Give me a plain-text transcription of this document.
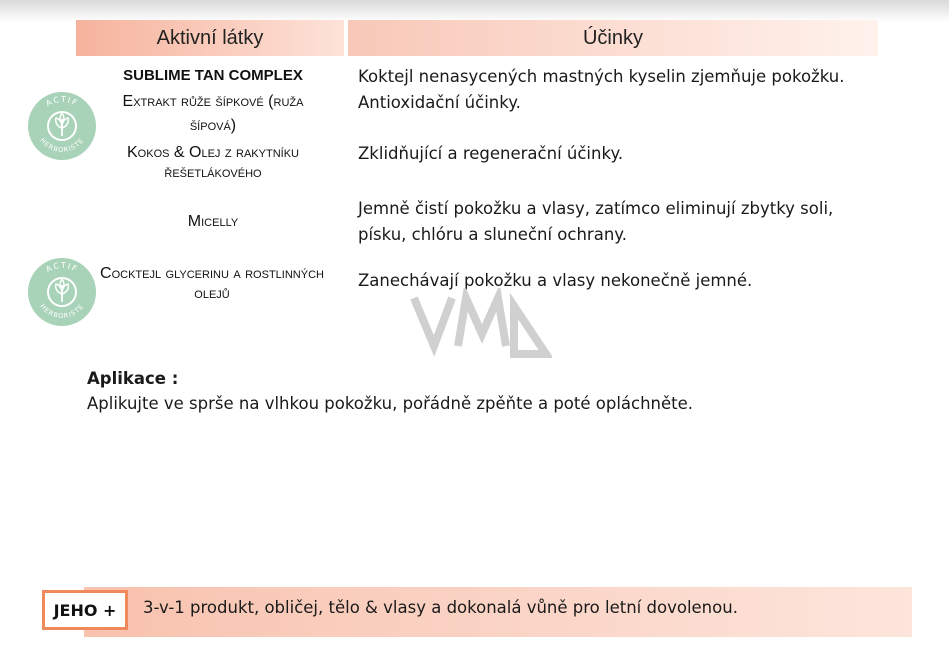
Aktivní látky	Účinky
ACTIF
HERBORISTE
ACTIF
HERBORISTE
SUBLIME TAN COMPLEX
Extrakt růže šípkové (ruža
šípová)
Kokos & Olej z rakytníku
řešetlákového
Micelly
Cocktejl glycerinu a rostlinných
olejů
Koktejl nenasycených mastných kyselin zjemňuje pokožku.
Antioxidační účinky.
Zklidňující a regenerační účinky.
Jemně čistí pokožku a vlasy, zatímco eliminují zbytky soli,
písku, chlóru a sluneční ochrany.
Zanechávají pokožku a vlasy nekonečně jemné.
Aplikace :
Aplikujte ve sprše na vlhkou pokožku, pořádně zpěňte a poté opláchněte.
JEHO +	3-v-1 produkt, obličej, tělo & vlasy a dokonalá vůně pro letní dovolenou.
